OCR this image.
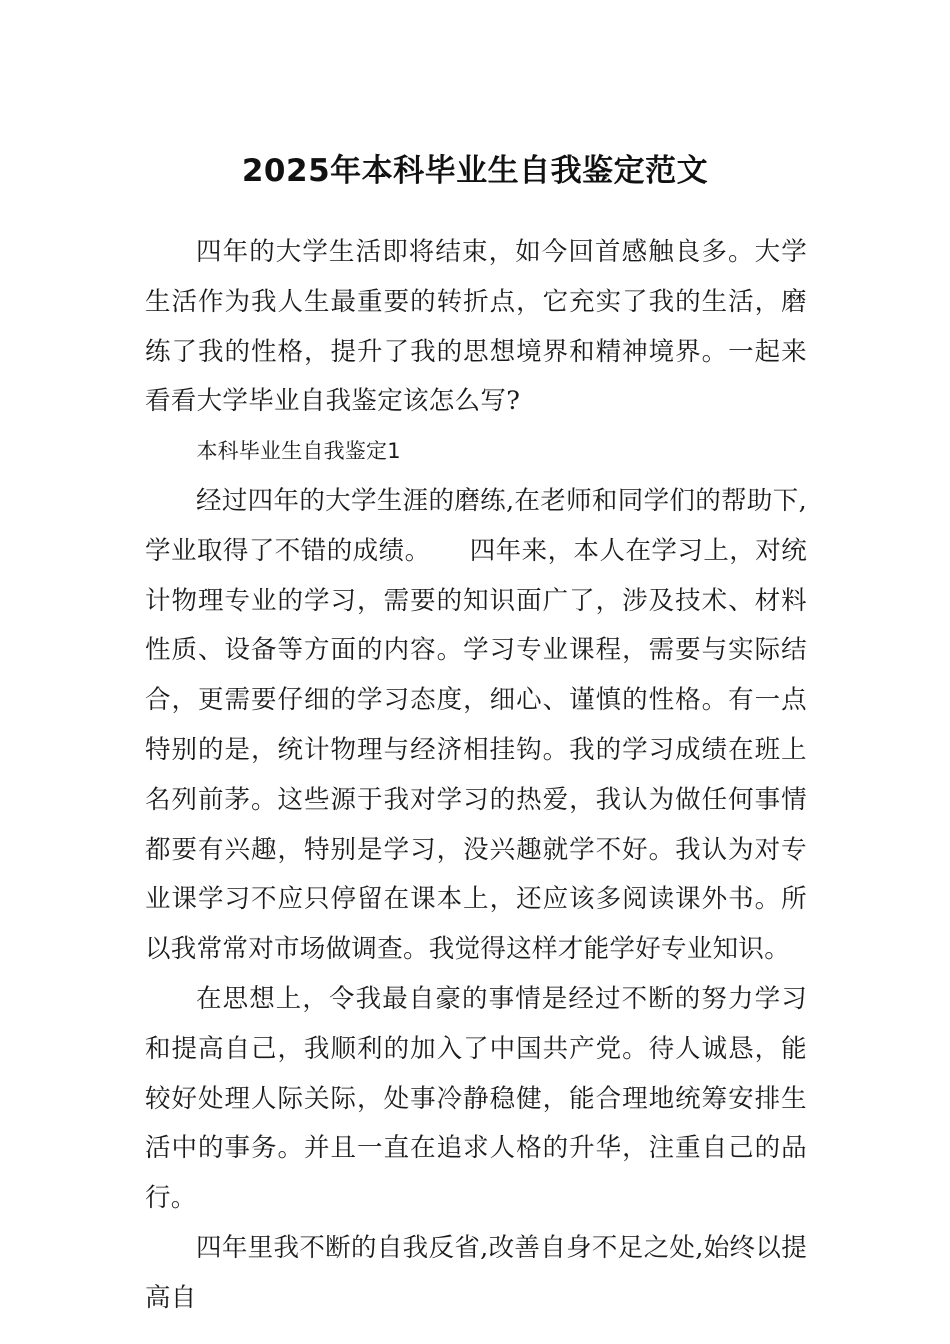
2025年本科毕业生自我鉴定范文

四年的大学生活即将结束，如今回首感触良多。大学生活作为我人生最重要的转折点，它充实了我的生活，磨练了我的性格，提升了我的思想境界和精神境界。一起来看看大学毕业自我鉴定该怎么写?

本科毕业生自我鉴定1

经过四年的大学生涯的磨练,在老师和同学们的帮助下,学业取得了不错的成绩。　　四年来，本人在学习上，对统计物理专业的学习，需要的知识面广了，涉及技术、材料性质、设备等方面的内容。学习专业课程，需要与实际结合，更需要仔细的学习态度，细心、谨慎的性格。有一点特别的是，统计物理与经济相挂钩。我的学习成绩在班上名列前茅。这些源于我对学习的热爱，我认为做任何事情都要有兴趣，特别是学习，没兴趣就学不好。我认为对专业课学习不应只停留在课本上，还应该多阅读课外书。所以我常常对市场做调查。我觉得这样才能学好专业知识。

在思想上，令我最自豪的事情是经过不断的努力学习和提高自己，我顺利的加入了中国共产党。待人诚恳，能较好处理人际关际，处事冷静稳健，能合理地统筹安排生活中的事务。并且一直在追求人格的升华，注重自己的品行。

四年里我不断的自我反省,改善自身不足之处,始终以提高自
